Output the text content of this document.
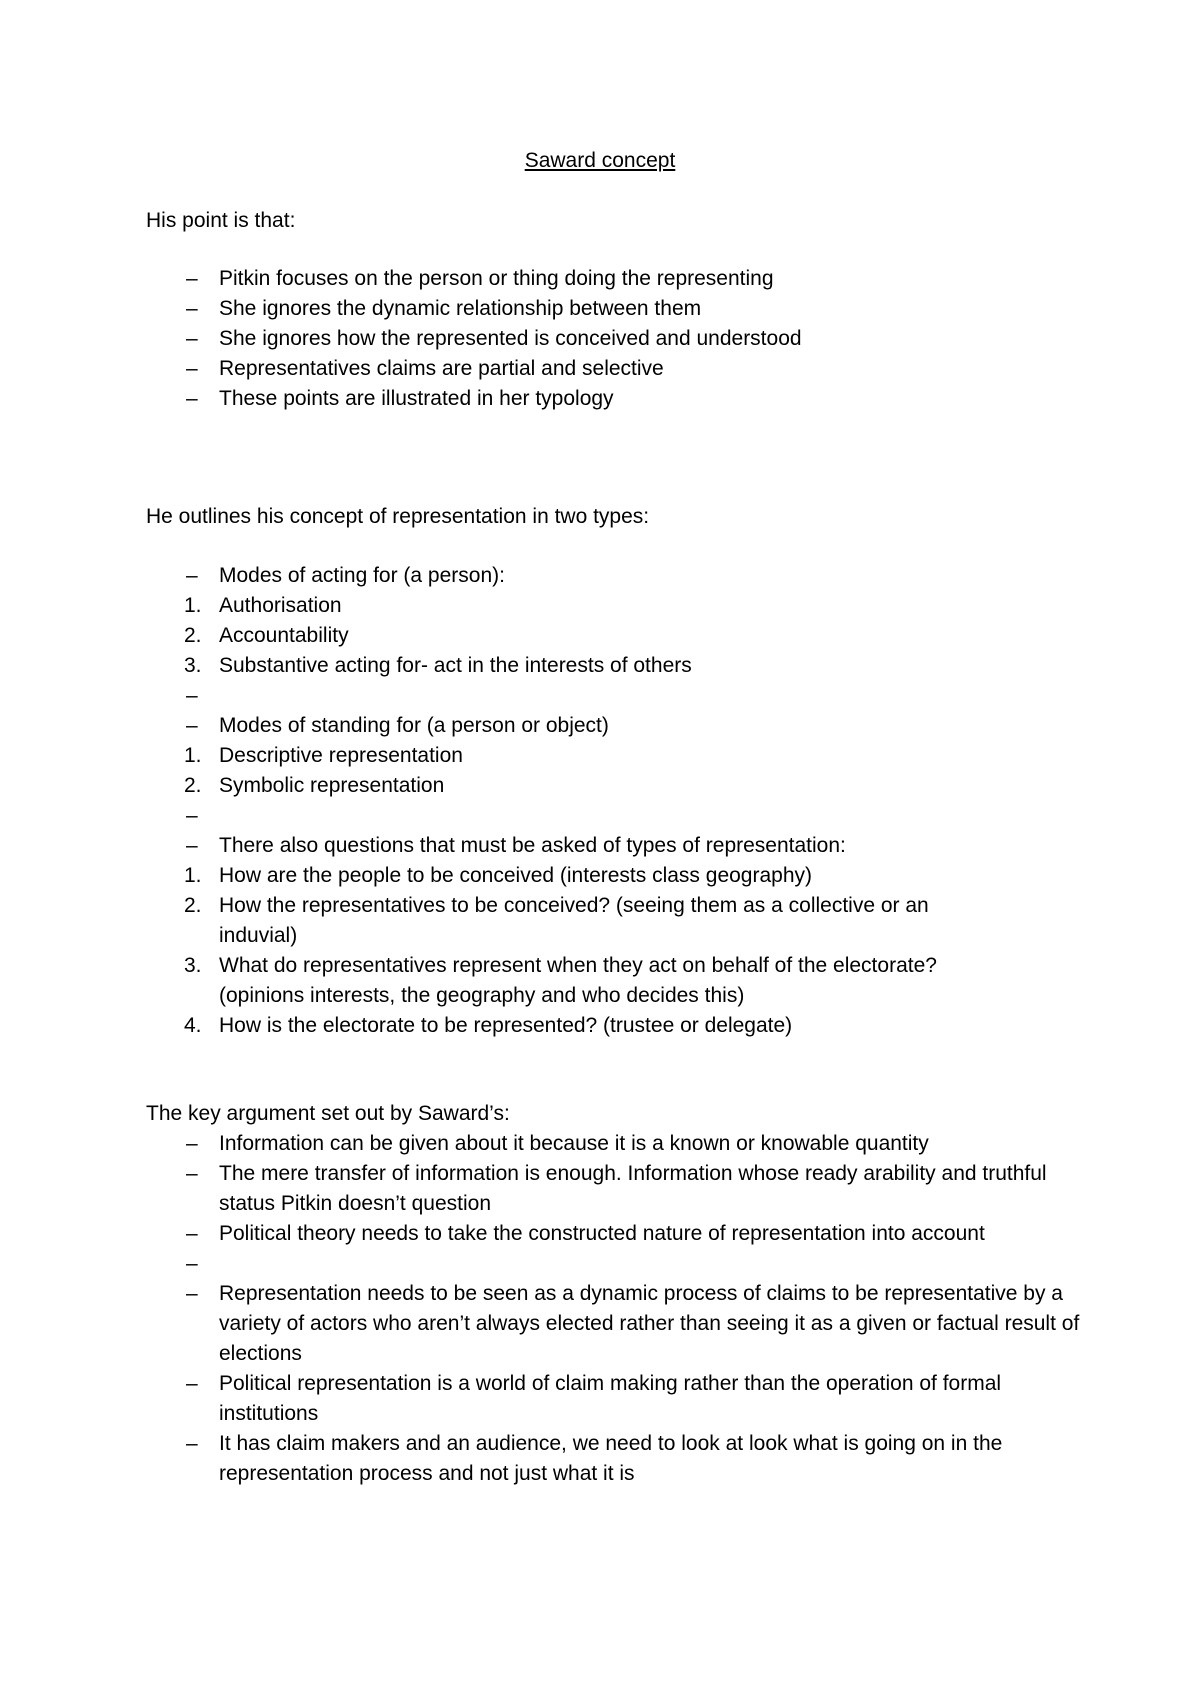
Saward concept

His point is that:

– Pitkin focuses on the person or thing doing the representing
– She ignores the dynamic relationship between them
– She ignores how the represented is conceived and understood
– Representatives claims are partial and selective
– These points are illustrated in her typology

He outlines his concept of representation in two types:

– Modes of acting for (a person):
1. Authorisation
2. Accountability
3. Substantive acting for- act in the interests of others
–
– Modes of standing for (a person or object)
1. Descriptive representation
2. Symbolic representation
–
– There also questions that must be asked of types of representation:
1. How are the people to be conceived (interests class geography)
2. How the representatives to be conceived? (seeing them as a collective or an induvial)
3. What do representatives represent when they act on behalf of the electorate? (opinions interests, the geography and who decides this)
4. How is the electorate to be represented? (trustee or delegate)

The key argument set out by Saward’s:

– Information can be given about it because it is a known or knowable quantity
– The mere transfer of information is enough. Information whose ready arability and truthful status Pitkin doesn’t question
– Political theory needs to take the constructed nature of representation into account
–
– Representation needs to be seen as a dynamic process of claims to be representative by a variety of actors who aren’t always elected rather than seeing it as a given or factual result of elections
– Political representation is a world of claim making rather than the operation of formal institutions
– It has claim makers and an audience, we need to look at look what is going on in the representation process and not just what it is
